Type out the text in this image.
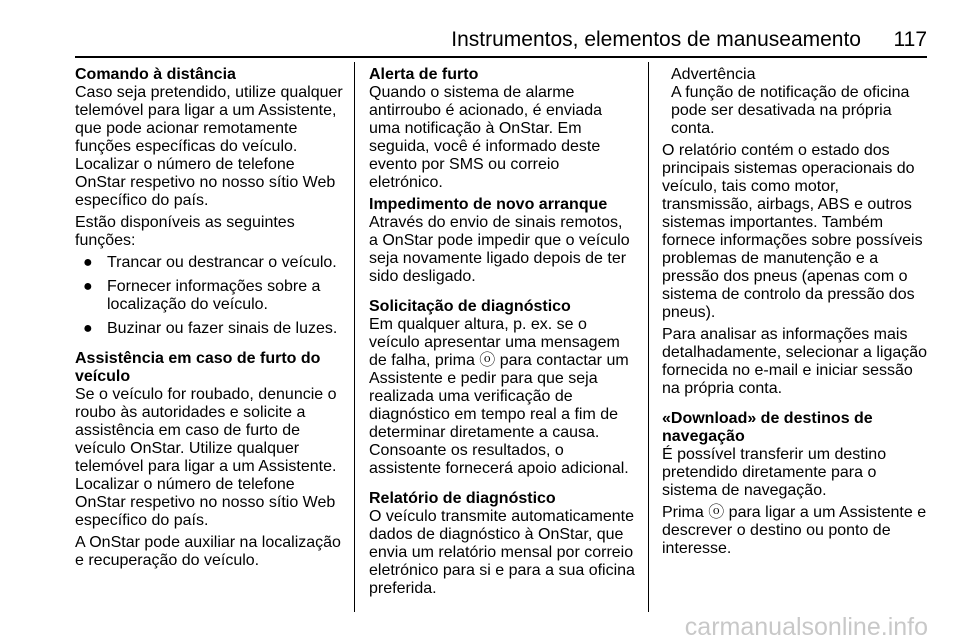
Instrumentos, elementos de manuseamento 117

Comando à distância

Caso seja pretendido, utilize qualquer telemóvel para ligar a um Assistente, que pode acionar remotamente funções específicas do veículo. Localizar o número de telefone OnStar respetivo no nosso sítio Web específico do país.

Estão disponíveis as seguintes funções:

● Trancar ou destrancar o veículo.
● Fornecer informações sobre a localização do veículo.
● Buzinar ou fazer sinais de luzes.

Assistência em caso de furto do veículo

Se o veículo for roubado, denuncie o roubo às autoridades e solicite a assistência em caso de furto de veículo OnStar. Utilize qualquer telemóvel para ligar a um Assistente. Localizar o número de telefone OnStar respetivo no nosso sítio Web específico do país.

A OnStar pode auxiliar na localização e recuperação do veículo.

Alerta de furto

Quando o sistema de alarme antirroubo é acionado, é enviada uma notificação à OnStar. Em seguida, você é informado deste evento por SMS ou correio eletrónico.

Impedimento de novo arranque

Através do envio de sinais remotos, a OnStar pode impedir que o veículo seja novamente ligado depois de ter sido desligado.

Solicitação de diagnóstico

Em qualquer altura, p. ex. se o veículo apresentar uma mensagem de falha, prima ⓞ para contactar um Assistente e pedir para que seja realizada uma verificação de diagnóstico em tempo real a fim de determinar diretamente a causa. Consoante os resultados, o assistente fornecerá apoio adicional.

Relatório de diagnóstico

O veículo transmite automaticamente dados de diagnóstico à OnStar, que envia um relatório mensal por correio eletrónico para si e para a sua oficina preferida.

Advertência

A função de notificação de oficina pode ser desativada na própria conta.

O relatório contém o estado dos principais sistemas operacionais do veículo, tais como motor, transmissão, airbags, ABS e outros sistemas importantes. Também fornece informações sobre possíveis problemas de manutenção e a pressão dos pneus (apenas com o sistema de controlo da pressão dos pneus).

Para analisar as informações mais detalhadamente, selecionar a ligação fornecida no e-mail e iniciar sessão na própria conta.

«Download» de destinos de navegação

É possível transferir um destino pretendido diretamente para o sistema de navegação.

Prima ⓞ para ligar a um Assistente e descrever o destino ou ponto de interesse.

carmanualsonline.info
